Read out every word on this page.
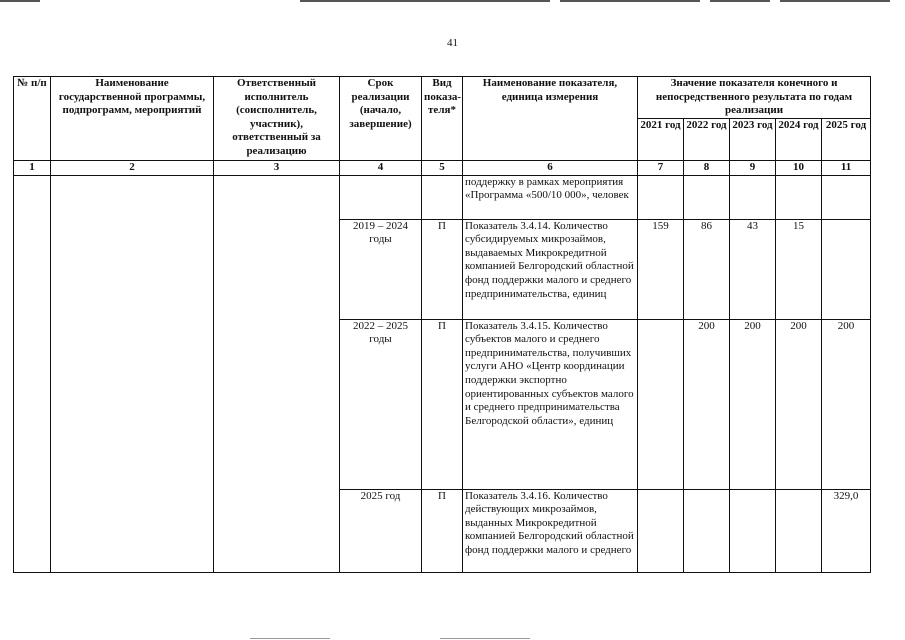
41
№ п/п	Наименование государственной программы, подпрограмм, мероприятий	Ответственный исполнитель (соисполнитель, участник), ответственный за реализацию	Срок реализации (начало, завершение)	Вид показа-теля*	Наименование показателя, единица измерения	Значение показателя конечного и непосредственного результата по годам реализации				
						2021 год	2022 год	2023 год	2024 год	2025 год
1	2	3	4	5	6	7	8	9	10	11
					поддержку в рамках мероприятия «Программа «500/10 000», человек					
			2019 – 2024 годы	П	Показатель 3.4.14. Количество субсидируемых микрозаймов, выдаваемых Микрокредитной компанией Белгородский областной фонд поддержки малого и среднего предпринимательства, единиц	159	86	43	15	
			2022 – 2025 годы	П	Показатель 3.4.15. Количество субъектов малого и среднего предпринимательства, получивших услуги АНО «Центр координации поддержки экспортно ориентированных субъектов малого и среднего предпринимательства Белгородской области», единиц		200	200	200	200
			2025 год	П	Показатель 3.4.16. Количество действующих микрозаймов, выданных Микрокредитной компанией Белгородский областной фонд поддержки малого и среднего					329,0
